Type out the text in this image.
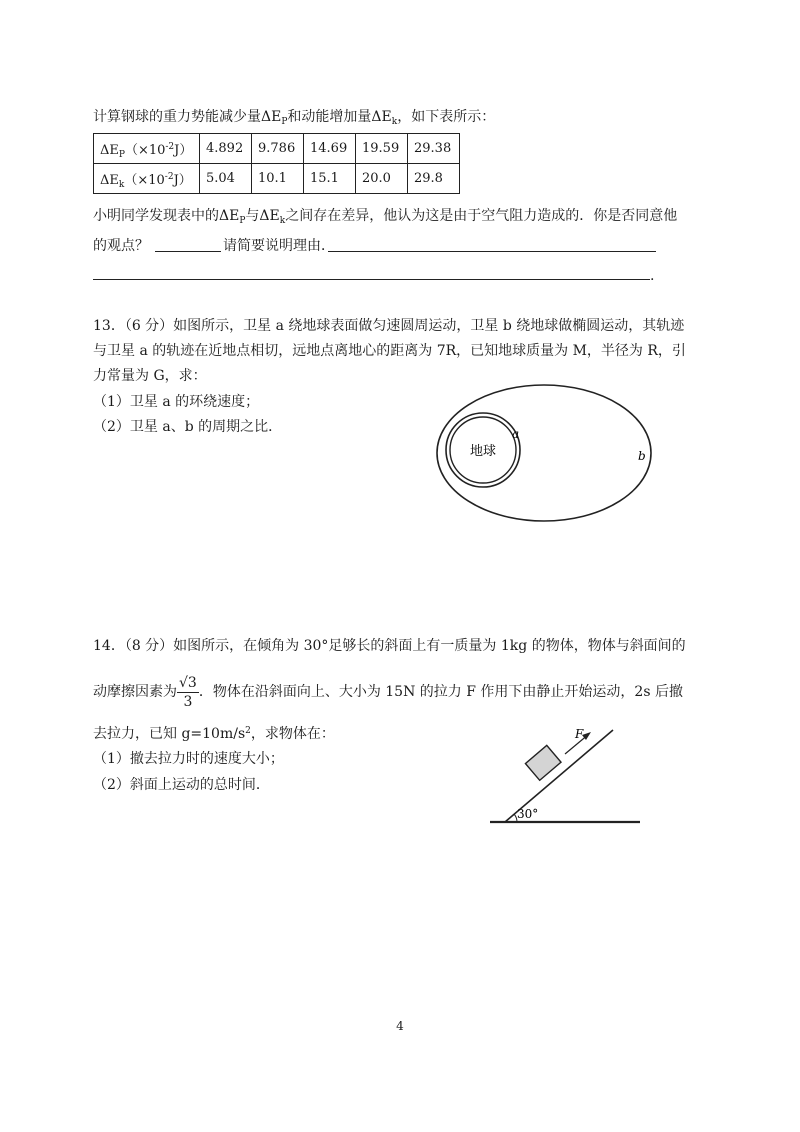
计算钢球的重力势能减少量$\Delta E_P$和动能增加量$\Delta E_k$，如下表所示：
$\Delta E_P(\times 10^{-2}J)$	4.892	9.786	14.69	19.59	29.38
$\Delta E_k(\times 10^{-2}J)$	5.04	10.1	15.1	20.0	29.8
小明同学发现表中的$\Delta E_P$与$\Delta E_k$之间存在差异，他认为这是由于空气阻力造成的．你是否同意他
的观点？	请简要说明理由．
.
13．（6 分）如图所示，卫星 a 绕地球表面做匀速圆周运动，卫星 b 绕地球做椭圆运动，其轨迹
与卫星 a 的轨迹在近地点相切，远地点离地心的距离为 7R，已知地球质量为 M，半径为 R，引
力常量为 G，求：
（1）卫星 a 的环绕速度；
（2）卫星 a、b 的周期之比．
地球
a
b
14．（8 分）如图所示，在倾角为 30°足够长的斜面上有一质量为 1kg 的物体，物体与斜面间的
动摩擦因素为 $\frac{√3}{3}$ ．物体在沿斜面向上、大小为 15N 的拉力 F 作用下由静止开始运动，2s 后撤
去拉力，已知 $g=10m/s^2$，求物体在：
（1）撤去拉力时的速度大小；
（2）斜面上运动的总时间．
F
30°
4
